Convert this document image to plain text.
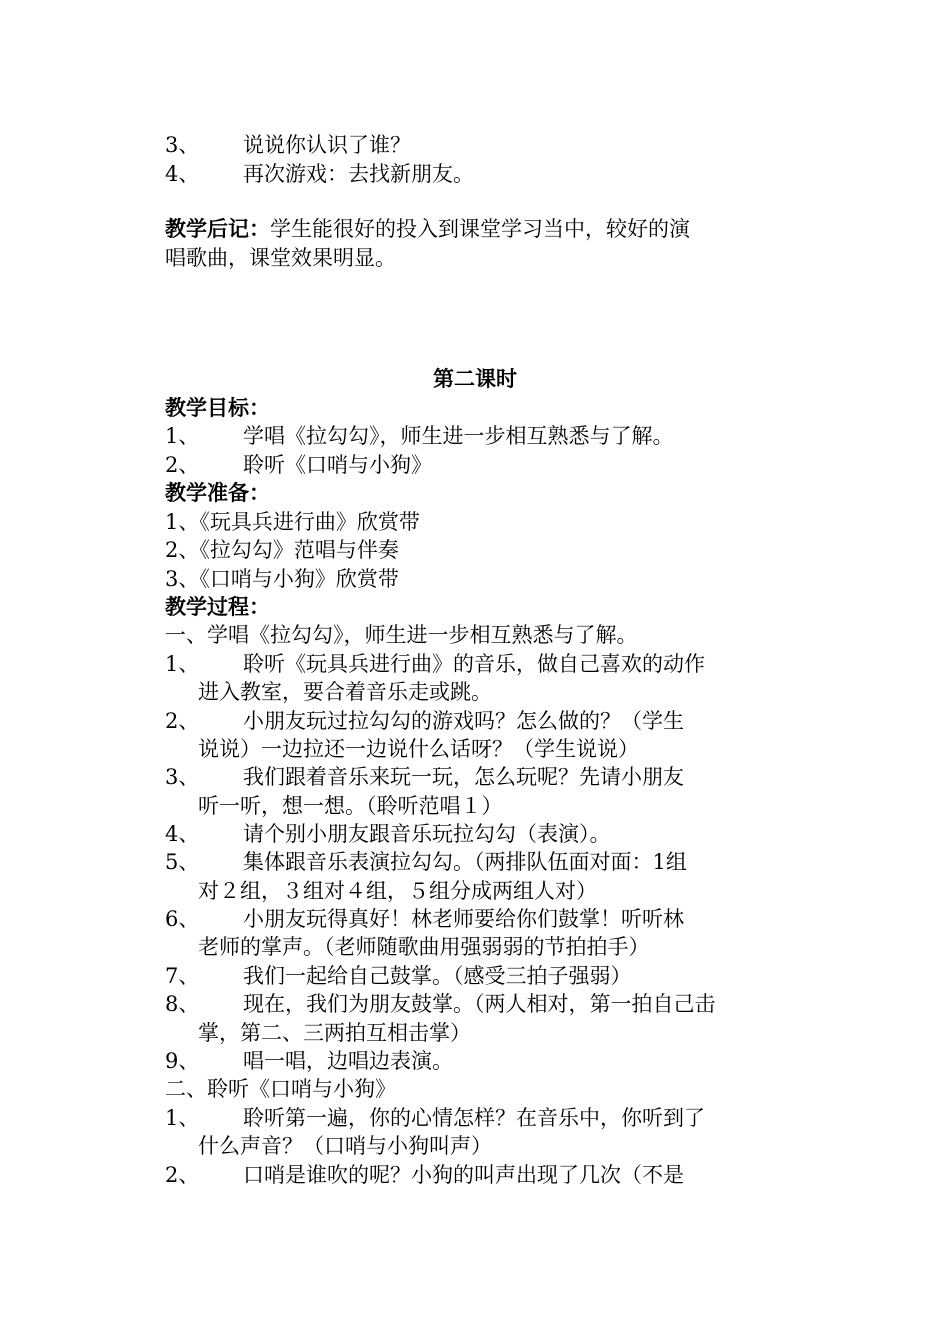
3、 说说你认识了谁？
4、 再次游戏：去找新朋友。
教学后记：学生能很好的投入到课堂学习当中，较好的演
唱歌曲，课堂效果明显。
第二课时
教学目标：
1、 学唱《拉勾勾》，师生进一步相互熟悉与了解。
2、 聆听《口哨与小狗》
教学准备：
1、《玩具兵进行曲》欣赏带
2、《拉勾勾》范唱与伴奏
3、《口哨与小狗》欣赏带
教学过程：
一、学唱《拉勾勾》，师生进一步相互熟悉与了解。
1、 聆听《玩具兵进行曲》的音乐，做自己喜欢的动作
进入教室，要合着音乐走或跳。
2、 小朋友玩过拉勾勾的游戏吗？怎么做的？（学生
说说）一边拉还一边说什么话呀？（学生说说）
3、 我们跟着音乐来玩一玩，怎么玩呢？先请小朋友
听一听，想一想。（聆听范唱１）
4、 请个别小朋友跟音乐玩拉勾勾（表演）。
5、 集体跟音乐表演拉勾勾。（两排队伍面对面：1组
对２组，３组对４组，５组分成两组人对）
6、 小朋友玩得真好！林老师要给你们鼓掌！听听林
老师的掌声。（老师随歌曲用强弱弱的节拍拍手）
7、 我们一起给自己鼓掌。（感受三拍子强弱）
8、 现在，我们为朋友鼓掌。（两人相对，第一拍自己击
掌，第二、三两拍互相击掌）
9、 唱一唱，边唱边表演。
二、聆听《口哨与小狗》
1、 聆听第一遍，你的心情怎样？在音乐中，你听到了
什么声音？（口哨与小狗叫声）
2、 口哨是谁吹的呢？小狗的叫声出现了几次（不是
